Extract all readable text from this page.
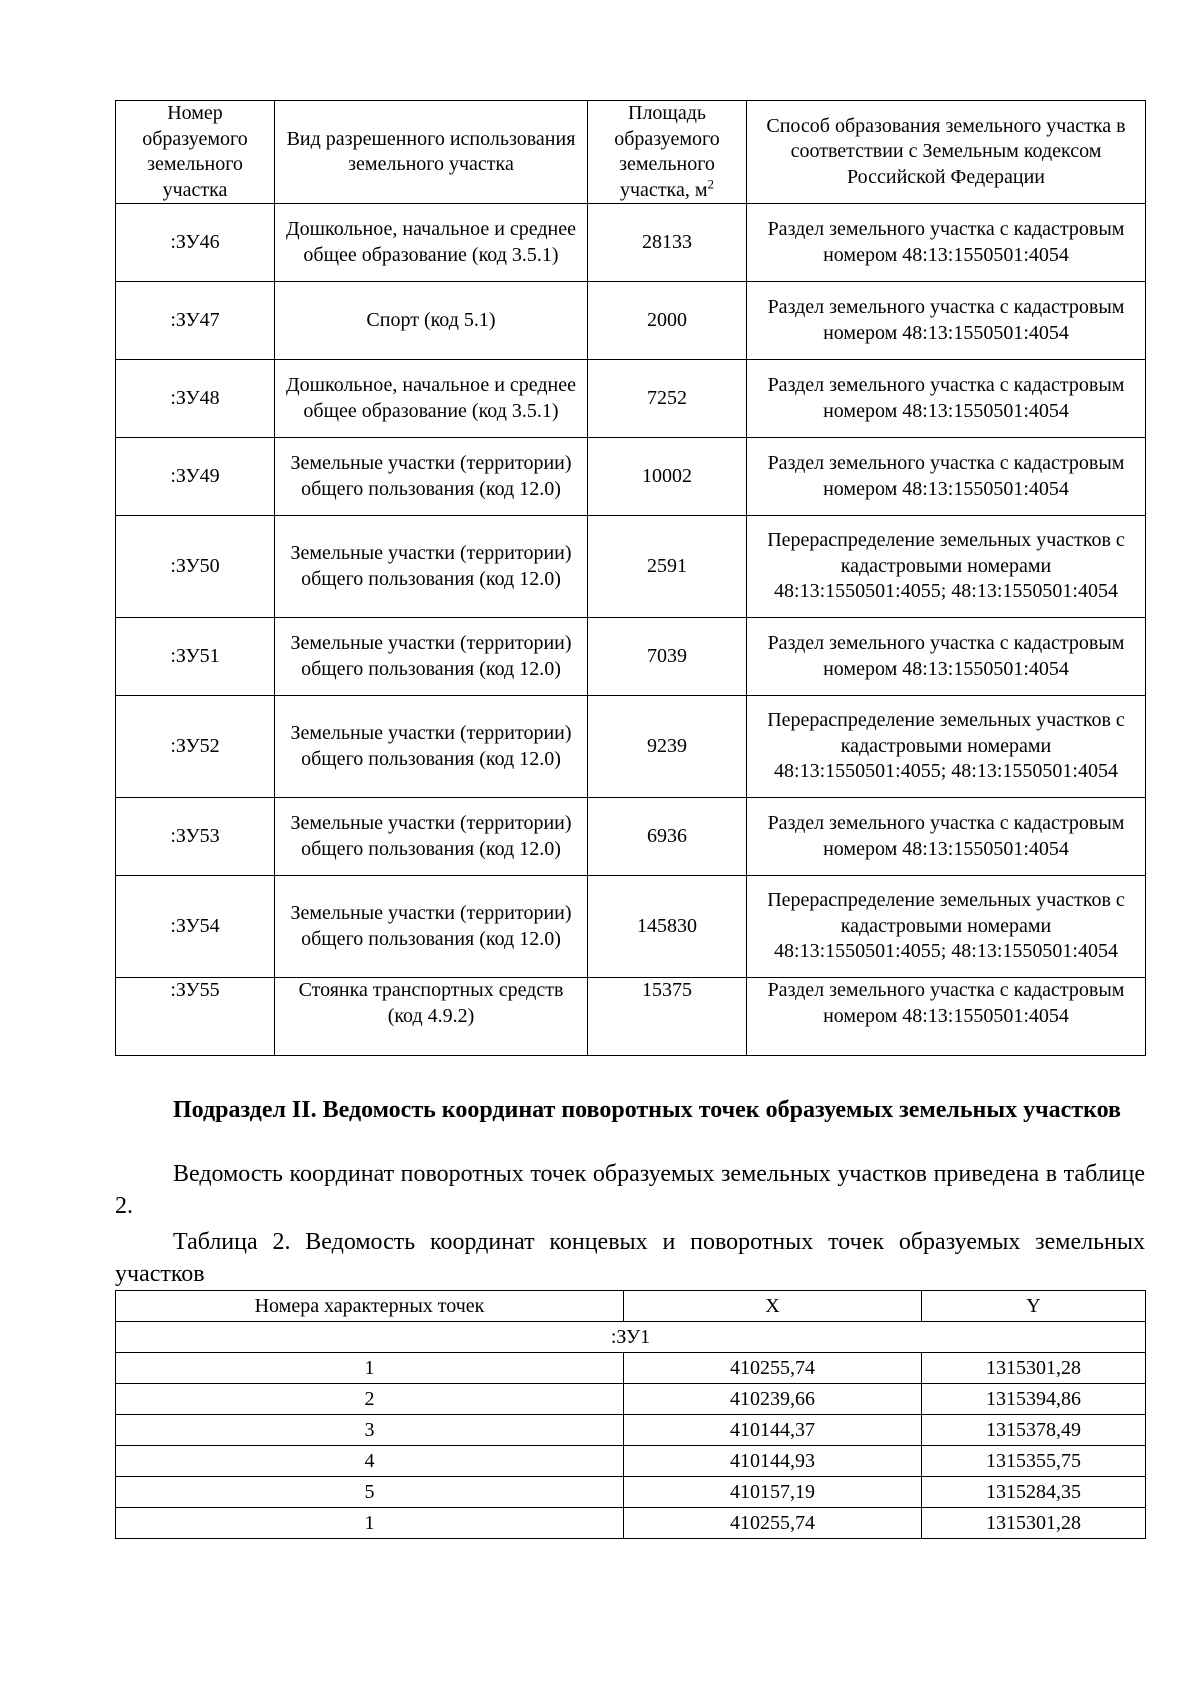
Номер образуемого земельного участка	Вид разрешенного использования земельного участка	Площадь образуемого земельного участка, $м^2$	Способ образования земельного участка в соответствии с Земельным кодексом Российской Федерации
:ЗУ46	Дошкольное, начальное и среднее общее образование (код 3.5.1)	28133	Раздел земельного участка с кадастровым номером 48:13:1550501:4054
:ЗУ47	Спорт (код 5.1)	2000	Раздел земельного участка с кадастровым номером 48:13:1550501:4054
:ЗУ48	Дошкольное, начальное и среднее общее образование (код 3.5.1)	7252	Раздел земельного участка с кадастровым номером 48:13:1550501:4054
:ЗУ49	Земельные участки (территории) общего пользования (код 12.0)	10002	Раздел земельного участка с кадастровым номером 48:13:1550501:4054
:ЗУ50	Земельные участки (территории) общего пользования (код 12.0)	2591	Перераспределение земельных участков с кадастровыми номерами 48:13:1550501:4055; 48:13:1550501:4054
:ЗУ51	Земельные участки (территории) общего пользования (код 12.0)	7039	Раздел земельного участка с кадастровым номером 48:13:1550501:4054
:ЗУ52	Земельные участки (территории) общего пользования (код 12.0)	9239	Перераспределение земельных участков с кадастровыми номерами 48:13:1550501:4055; 48:13:1550501:4054
:ЗУ53	Земельные участки (территории) общего пользования (код 12.0)	6936	Раздел земельного участка с кадастровым номером 48:13:1550501:4054
:ЗУ54	Земельные участки (территории) общего пользования (код 12.0)	145830	Перераспределение земельных участков с кадастровыми номерами 48:13:1550501:4055; 48:13:1550501:4054
:ЗУ55	Стоянка транспортных средств (код 4.9.2)	15375	Раздел земельного участка с кадастровым номером 48:13:1550501:4054

Подраздел II. Ведомость координат поворотных точек образуемых земельных участков

Ведомость координат поворотных точек образуемых земельных участков приведена в таблице 2.

Таблица 2. Ведомость координат концевых и поворотных точек образуемых земельных участков

Номера характерных точек	X	Y
:ЗУ1		
1	410255,74	1315301,28
2	410239,66	1315394,86
3	410144,37	1315378,49
4	410144,93	1315355,75
5	410157,19	1315284,35
1	410255,74	1315301,28
